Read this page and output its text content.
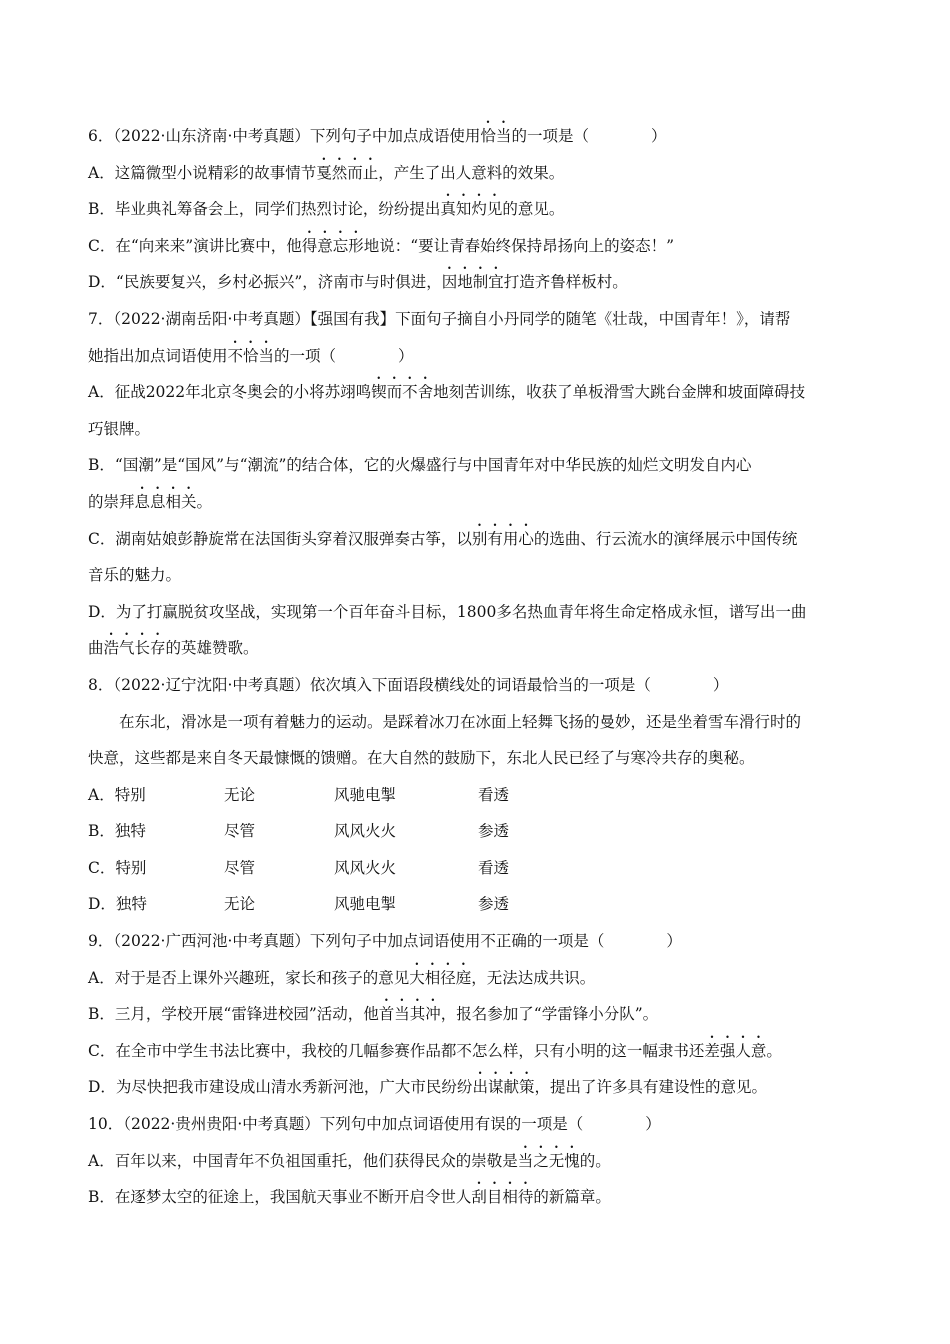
6．（2022·山东济南·中考真题）下列句子中加点成语使用恰当的一项是（　　　　）
A．这篇微型小说精彩的故事情节戛然而止，产生了出人意料的效果。
B．毕业典礼筹备会上，同学们热烈讨论，纷纷提出真知灼见的意见。
C．在“向来来”演讲比赛中，他得意忘形地说：“要让青春始终保持昂扬向上的姿态！”
D．“民族要复兴，乡村必振兴”，济南市与时俱进，因地制宜打造齐鲁样板村。
7．（2022·湖南岳阳·中考真题）【强国有我】下面句子摘自小丹同学的随笔《壮哉，中国青年！》，请帮
她指出加点词语使用不恰当的一项（　　　　）
A．征战2022年北京冬奥会的小将苏翊鸣锲而不舍地刻苦训练，收获了单板滑雪大跳台金牌和坡面障碍技
巧银牌。
B．“国潮”是“国风”与“潮流”的结合体，它的火爆盛行与中国青年对中华民族的灿烂文明发自内心
的崇拜息息相关。
C．湖南姑娘彭静旋常在法国街头穿着汉服弹奏古筝，以别有用心的选曲、行云流水的演绎展示中国传统
音乐的魅力。
D．为了打赢脱贫攻坚战，实现第一个百年奋斗目标，1800多名热血青年将生命定格成永恒，谱写出一曲
曲浩气长存的英雄赞歌。
8．（2022·辽宁沈阳·中考真题）依次填入下面语段横线处的词语最恰当的一项是（　　　　）
在东北，滑冰是一项有着魅力的运动。是踩着冰刀在冰面上轻舞飞扬的曼妙，还是坐着雪车滑行时的
快意，这些都是来自冬天最慷慨的馈赠。在大自然的鼓励下，东北人民已经了与寒冷共存的奥秘。
A．特别	无论	风驰电掣	看透
B．独特	尽管	风风火火	参透
C．特别	尽管	风风火火	看透
D．独特	无论	风驰电掣	参透
9．（2022·广西河池·中考真题）下列句子中加点词语使用不正确的一项是（　　　　）
A．对于是否上课外兴趣班，家长和孩子的意见大相径庭，无法达成共识。
B．三月，学校开展“雷锋进校园”活动，他首当其冲，报名参加了“学雷锋小分队”。
C．在全市中学生书法比赛中，我校的几幅参赛作品都不怎么样，只有小明的这一幅隶书还差强人意。
D．为尽快把我市建设成山清水秀新河池，广大市民纷纷出谋献策，提出了许多具有建设性的意见。
10．（2022·贵州贵阳·中考真题）下列句中加点词语使用有误的一项是（　　　　）
A．百年以来，中国青年不负祖国重托，他们获得民众的崇敬是当之无愧的。
B．在逐梦太空的征途上，我国航天事业不断开启令世人刮目相待的新篇章。
